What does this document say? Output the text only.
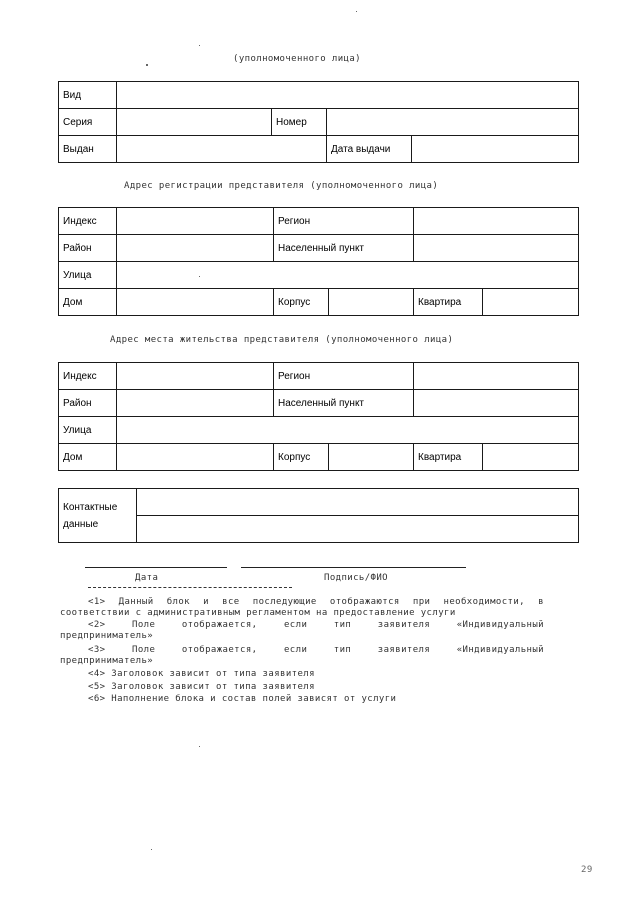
(уполномоченного лица)
Вид				
Серия		Номер		
Выдан			Дата выдачи	
Адрес регистрации представителя (уполномоченного лица)
Индекс		Регион			
Район		Населенный пункт			
Улица					
Дом		Корпус		Квартира	
Адрес места жительства представителя (уполномоченного лица)
Индекс		Регион			
Район		Населенный пункт			
Улица					
Дом		Корпус		Квартира	
Контактные
данные	

Дата	Подпись/ФИО
<1> Данный блок и все последующие отображаются при необходимости, в
соответствии с административным регламентом на предоставление услуги
<2>	Поле	отображается,	если	тип	заявителя	«Индивидуальный
предприниматель»
<3>	Поле	отображается,	если	тип	заявителя	«Индивидуальный
предприниматель»
<4> Заголовок зависит от типа заявителя
<5> Заголовок зависит от типа заявителя
<6> Наполнение блока и состав полей зависят от услуги
29
